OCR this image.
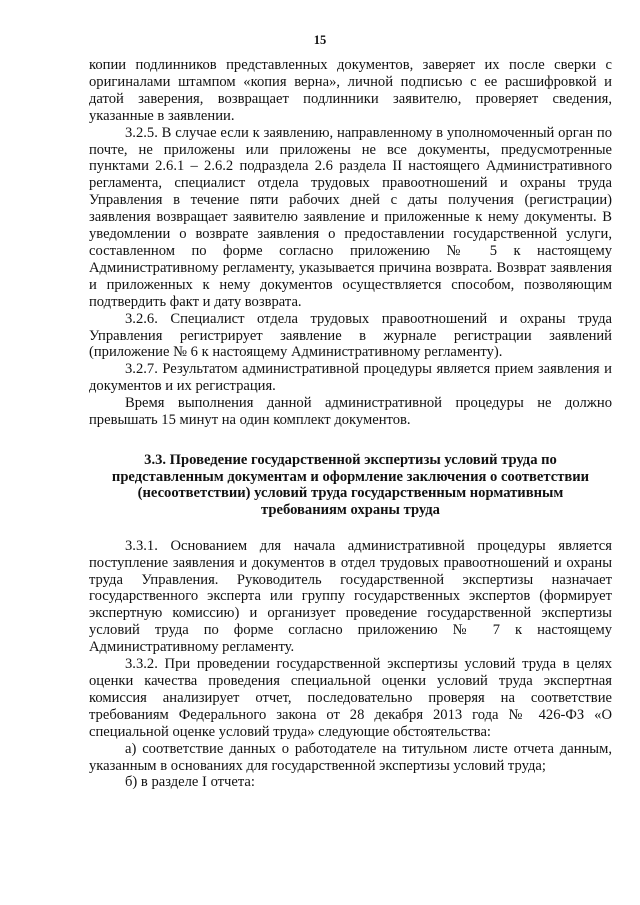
15

копии подлинников представленных документов, заверяет их после сверки с оригиналами штампом «копия верна», личной подписью с ее расшифровкой и датой заверения, возвращает подлинники заявителю, проверяет сведения, указанные в заявлении.

3.2.5. В случае если к заявлению, направленному в уполномоченный орган по почте, не приложены или приложены не все документы, предусмотренные пунктами 2.6.1 – 2.6.2 подраздела 2.6 раздела II настоящего Административного регламента, специалист отдела трудовых правоотношений и охраны труда Управления в течение пяти рабочих дней с даты получения (регистрации) заявления возвращает заявителю заявление и приложенные к нему документы. В уведомлении о возврате заявления о предоставлении государственной услуги, составленном по форме согласно приложению № 5 к настоящему Административному регламенту, указывается причина возврата. Возврат заявления и приложенных к нему документов осуществляется способом, позволяющим подтвердить факт и дату возврата.

3.2.6. Специалист отдела трудовых правоотношений и охраны труда Управления регистрирует заявление в журнале регистрации заявлений (приложение № 6 к настоящему Административному регламенту).

3.2.7. Результатом административной процедуры является прием заявления и документов и их регистрация.

Время выполнения данной административной процедуры не должно превышать 15 минут на один комплект документов.

3.3. Проведение государственной экспертизы условий труда по представленным документам и оформление заключения о соответствии (несоответствии) условий труда государственным нормативным требованиям охраны труда

3.3.1. Основанием для начала административной процедуры является поступление заявления и документов в отдел трудовых правоотношений и охраны труда Управления. Руководитель государственной экспертизы назначает государственного эксперта или группу государственных экспертов (формирует экспертную комиссию) и организует проведение государственной экспертизы условий труда по форме согласно приложению № 7 к настоящему Административному регламенту.

3.3.2. При проведении государственной экспертизы условий труда в целях оценки качества проведения специальной оценки условий труда экспертная комиссия анализирует отчет, последовательно проверяя на соответствие требованиям Федерального закона от 28 декабря 2013 года № 426-ФЗ «О специальной оценке условий труда» следующие обстоятельства:

а) соответствие данных о работодателе на титульном листе отчета данным, указанным в основаниях для государственной экспертизы условий труда;

б) в разделе I отчета:
